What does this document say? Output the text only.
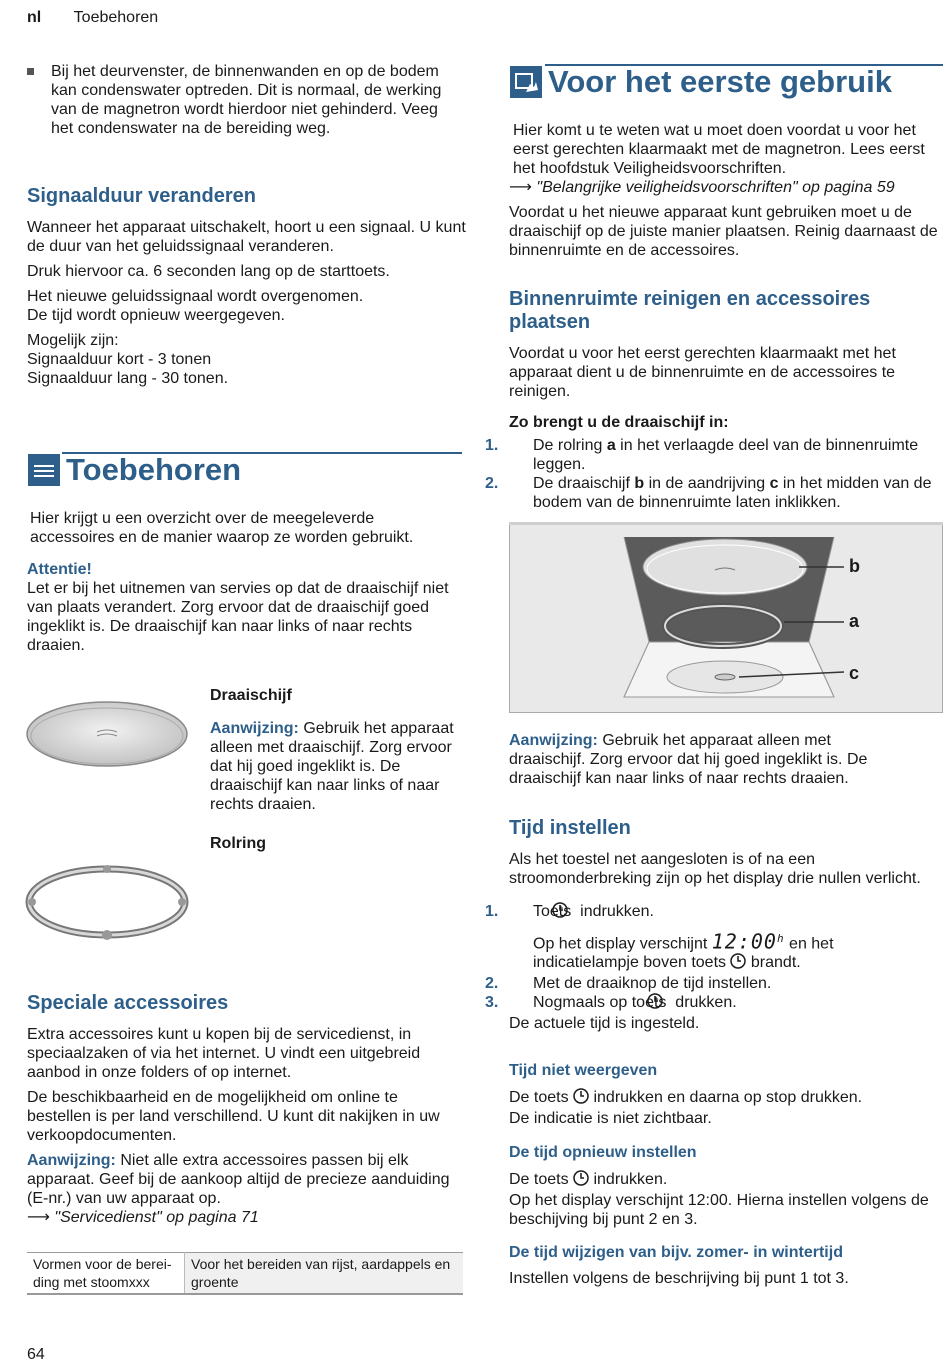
nl Toebehoren

Bij het deurvenster, de binnenwanden en op de bodem kan condenswater optreden. Dit is normaal, de werking van de magnetron wordt hierdoor niet gehinderd. Veeg het condenswater na de bereiding weg.

Signaalduur veranderen

Wanneer het apparaat uitschakelt, hoort u een signaal. U kunt de duur van het geluidssignaal veranderen.

Druk hiervoor ca. 6 seconden lang op de starttoets.

Het nieuwe geluidssignaal wordt overgenomen.

De tijd wordt opnieuw weergegeven.

Mogelijk zijn:

Signaalduur kort - 3 tonen

Signaalduur lang - 30 tonen.

Toebehoren

Hier krijgt u een overzicht over de meegeleverde accessoires en de manier waarop ze worden gebruikt.

Attentie!

Let er bij het uitnemen van servies op dat de draaischijf niet van plaats verandert. Zorg ervoor dat de draaischijf goed ingeklikt is. De draaischijf kan naar links of naar rechts draaien.

Draaischijf

Aanwijzing: Gebruik het apparaat alleen met draaischijf. Zorg ervoor dat hij goed ingeklikt is. De draaischijf kan naar links of naar rechts draaien.

Rolring

Speciale accessoires

Extra accessoires kunt u kopen bij de servicedienst, in speciaalzaken of via het internet. U vindt een uitgebreid aanbod in onze folders of op internet.

De beschikbaarheid en de mogelijkheid om online te bestellen is per land verschillend. U kunt dit nakijken in uw verkoopdocumenten.

Aanwijzing: Niet alle extra accessoires passen bij elk apparaat. Geef bij de aankoop altijd de precieze aanduiding (E-nr.) van uw apparaat op.

⟶ "Servicedienst" op pagina 71

Vormen voor de berei-ding met stoomxxx	Voor het bereiden van rijst, aardappels en groente
Voor het eerste gebruik

Hier komt u te weten wat u moet doen voordat u voor het eerst gerechten klaarmaakt met de magnetron. Lees eerst het hoofdstuk Veiligheidsvoorschriften.

⟶ "Belangrijke veiligheidsvoorschriften" op pagina 59

Voordat u het nieuwe apparaat kunt gebruiken moet u de draaischijf op de juiste manier plaatsen. Reinig daarnaast de binnenruimte en de accessoires.

Binnenruimte reinigen en accessoires plaatsen

Voordat u voor het eerst gerechten klaarmaakt met het apparaat dient u de binnenruimte en de accessoires te reinigen.

Zo brengt u de draaischijf in:

1. De rolring a in het verlaagde deel van de binnenruimte leggen.

2. De draaischijf b in de aandrijving c in het midden van de bodem van de binnenruimte laten inklikken.

b
a
c

Aanwijzing: Gebruik het apparaat alleen met draaischijf. Zorg ervoor dat hij goed ingeklikt is. De draaischijf kan naar links of naar rechts draaien.

Tijd instellen

Als het toestel net aangesloten is of na een stroomonderbreking zijn op het display drie nullen verlicht.

1. Toets  indrukken.

Op het display verschijnt 12:00$^h$ en het indicatielampje boven toets  brandt.

2. Met de draaiknop de tijd instellen.

3. Nogmaals op toets  drukken.

De actuele tijd is ingesteld.

Tijd niet weergeven

De toets  indrukken en daarna op stop drukken.

De indicatie is niet zichtbaar.

De tijd opnieuw instellen

De toets  indrukken.

Op het display verschijnt 12:00. Hierna instellen volgens de beschijving bij punt 2 en 3.

De tijd wijzigen van bijv. zomer- in wintertijd

Instellen volgens de beschrijving bij punt 1 tot 3.

64
